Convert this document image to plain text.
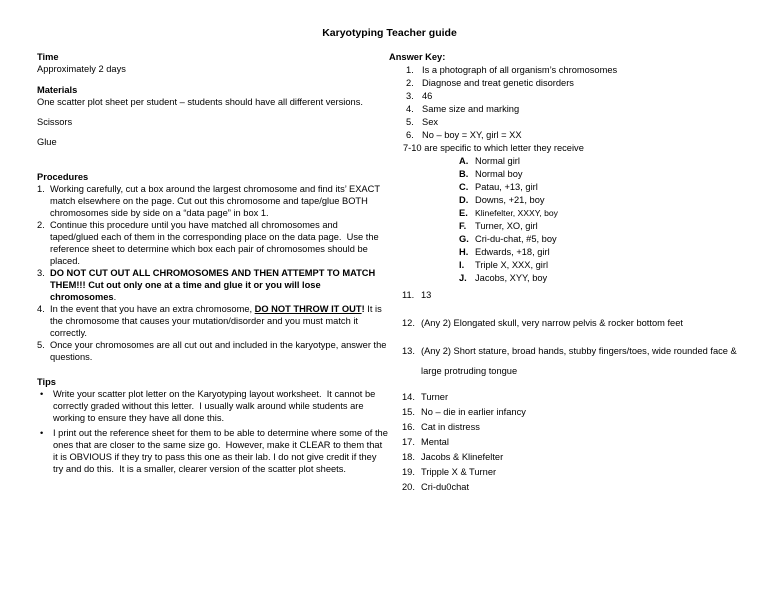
Karyotyping Teacher guide
Time
Approximately 2 days
Materials
One scatter plot sheet per student – students should have all different versions.
Scissors
Glue
Procedures
1. Working carefully, cut a box around the largest chromosome and find its’ EXACT match elsewhere on the page. Cut out this chromosome and tape/glue BOTH chromosomes side by side on a “data page” in box 1.
2. Continue this procedure until you have matched all chromosomes and taped/glued each of them in the corresponding place on the data page.  Use the reference sheet to determine which box each pair of chromosomes should be placed.
3. DO NOT CUT OUT ALL CHROMOSOMES AND THEN ATTEMPT TO MATCH THEM!!! Cut out only one at a time and glue it or you will lose chromosomes.
4. In the event that you have an extra chromosome, DO NOT THROW IT OUT! It is the chromosome that causes your mutation/disorder and you must match it correctly.
5. Once your chromosomes are all cut out and included in the karyotype, answer the questions.
Tips
•	Write your scatter plot letter on the Karyotyping layout worksheet.  It cannot be correctly graded without this letter.  I usually walk around while students are working to ensure they have all done this.
•	I print out the reference sheet for them to be able to determine where some of the ones that are closer to the same size go.  However, make it CLEAR to them that it is OBVIOUS if they try to pass this one as their lab. I do not give credit if they try and do this.  It is a smaller, clearer version of the scatter plot sheets.
Answer Key:
1. Is a photograph of all organism’s chromosomes
2. Diagnose and treat genetic disorders
3. 46
4. Same size and marking
5. Sex
6. No – boy = XY, girl = XX
7-10 are specific to which letter they receive
A. Normal girl
B. Normal boy
C. Patau, +13, girl
D. Downs, +21, boy
E. Klinefelter, XXXY, boy
F. Turner, XO, girl
G. Cri-du-chat, #5, boy
H. Edwards, +18, girl
I.	Triple X, XXX, girl
J. Jacobs, XYY, boy
11. 13
12. (Any 2) Elongated skull, very narrow pelvis & rocker bottom feet
13. (Any 2) Short stature, broad hands, stubby fingers/toes, wide rounded face & large protruding tongue
14. Turner
15. No – die in earlier infancy
16. Cat in distress
17. Mental
18. Jacobs & Klinefelter
19. Tripple X & Turner
20. Cri-du0chat
